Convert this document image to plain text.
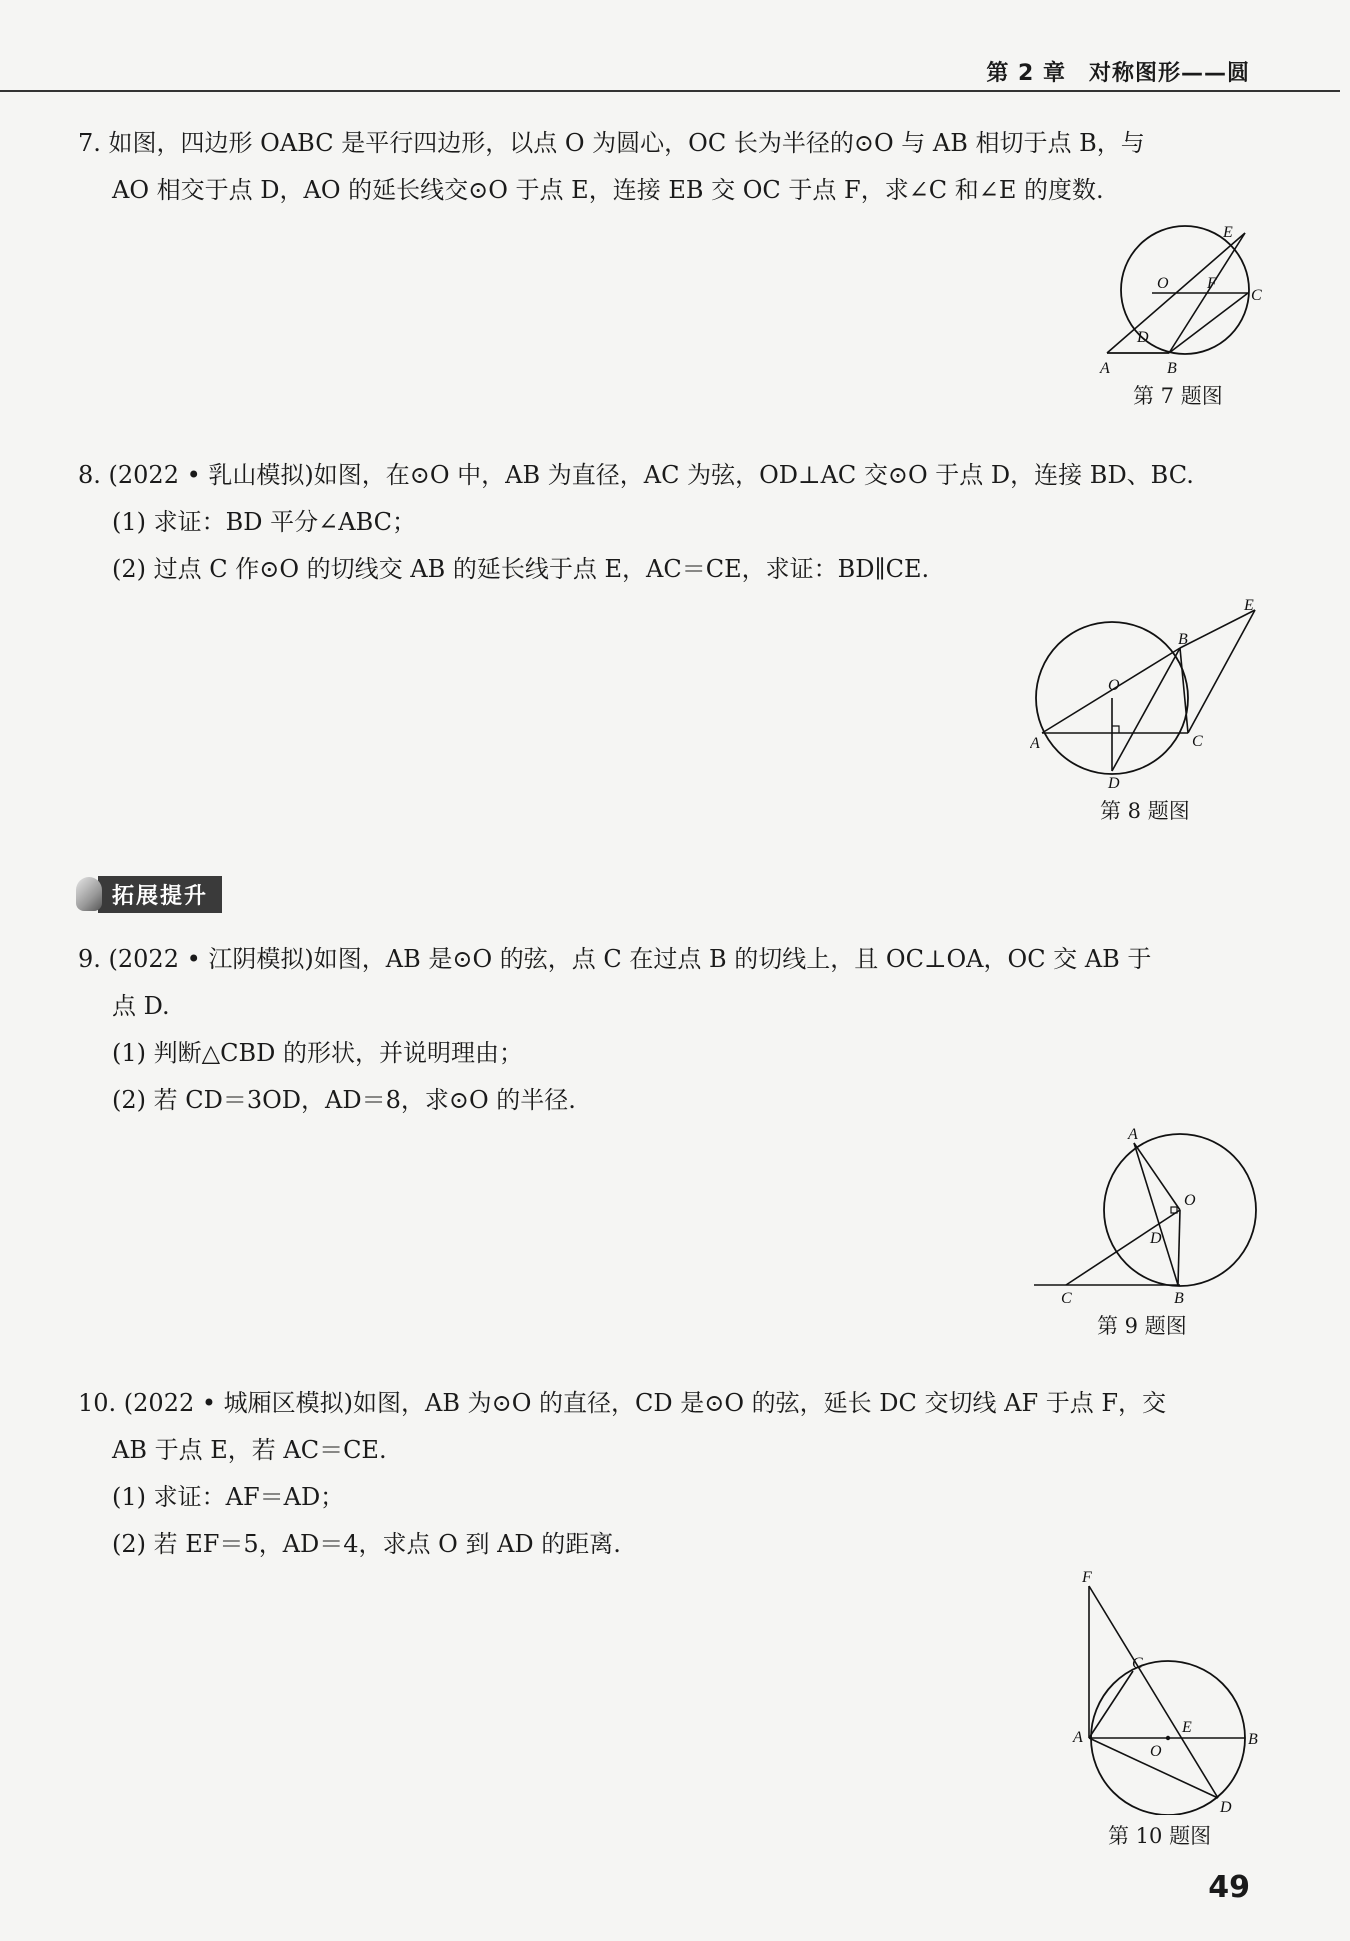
第 2 章　对称图形——圆
7. 如图，四边形 OABC 是平行四边形，以点 O 为圆心，OC 长为半径的⊙O 与 AB 相切于点 B，与
AO 相交于点 D，AO 的延长线交⊙O 于点 E，连接 EB 交 OC 于点 F，求∠C 和∠E 的度数.
E
O F
C
D
A	B
第 7 题图
8. (2022 • 乳山模拟)如图，在⊙O 中，AB 为直径，AC 为弦，OD⊥AC 交⊙O 于点 D，连接 BD、BC.
(1) 求证：BD 平分∠ABC；
(2) 过点 C 作⊙O 的切线交 AB 的延长线于点 E，AC＝CE，求证：BD∥CE.
E
B
O
A	C
D
第 8 题图
拓展提升
9. (2022 • 江阴模拟)如图，AB 是⊙O 的弦，点 C 在过点 B 的切线上，且 OC⊥OA，OC 交 AB 于
点 D.
(1) 判断△CBD 的形状，并说明理由；
(2) 若 CD＝3OD，AD＝8，求⊙O 的半径.
A
O
D
C	B
第 9 题图
10. (2022 • 城厢区模拟)如图，AB 为⊙O 的直径，CD 是⊙O 的弦，延长 DC 交切线 AF 于点 F，交
AB 于点 E，若 AC＝CE.
(1) 求证：AF＝AD；
(2) 若 EF＝5，AD＝4，求点 O 到 AD 的距离.
F
C
A
E
B
O
D
第 10 题图
49
